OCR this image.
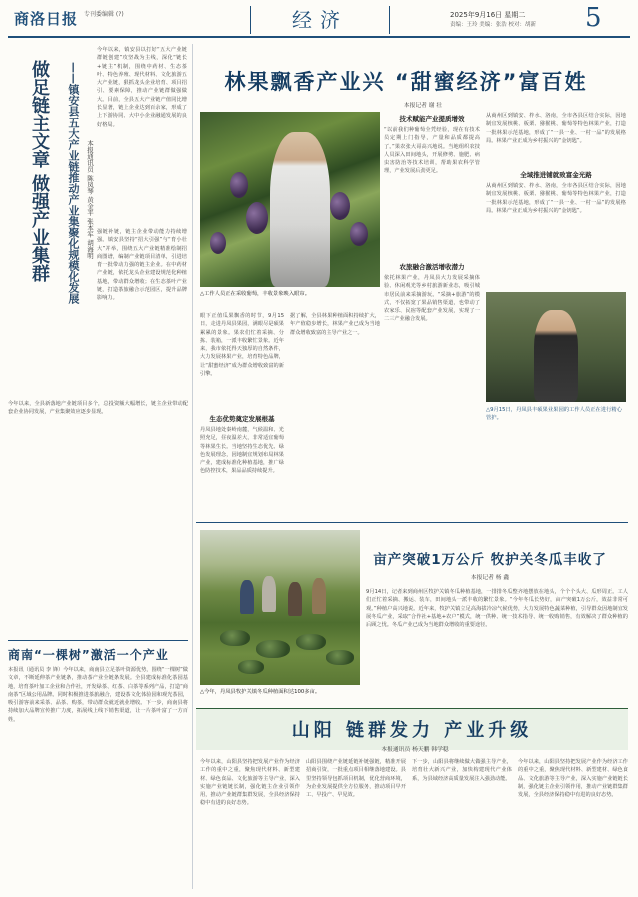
商洛日报 专刊委编辑 (?)	经济	2025年9月16日 星期二
责编：王玲 美编：张浩 校对：胡新 5
做足链主文章 做强产业集群	——镇安县五大产业链推动产业集聚化规模化发展 本报通讯员 陈凤琴 黄金平 张本军 胡海明
今年以来，镇安县以打好“五大产业链群链创建”攻坚战为主线，深化“链长+链主”机制，围绕中药材、生态茶叶、特色养殖、现代材料、文化旅游五大产业链，狠抓龙头企业培育、项目招引、要素保障，推动产业链群做强做大。目前，全县五大产业链产值同比增长显著，链上企业达到百余家，形成了上下游协同、大中小企业融通发展的良好格局。
强链补链，链主企业带动能力持续增强。镇安县坚持“招大引强”与“育小壮大”并举，围绕五大产业链精准绘制招商图谱，编制产业链项目清单，引进培育一批带动力强的链主企业。在中药材产业链，依托龙头企业建设规范化种植基地，带动群众增收；在生态茶叶产业链，打造茶旅融合示范园区，提升品牌影响力。
今年以来，全县新落地产业链项目多个，总投资额大幅增长，链主企业带动配套企业协同发展，产业集聚效应逐步显现。
商南“一棵树”激活一个产业
本报讯（通讯员 李 锋）今年以来，商南县立足茶叶资源优势，围绕“一棵树”做文章，不断延伸茶产业链条，推动茶产业全链条发展。全县建成标准化茶园基地，培育茶叶加工企业和合作社，开发绿茶、红茶、白茶等系列产品，打造“商南茶”区域公用品牌。同时积极推进茶旅融合，建设茶文化体验园和观光茶园，吸引游客前来采茶、品茶、购茶，带动群众就近就业增收。下一步，商南县将持续加大品牌宣传推广力度，拓展线上线下销售渠道，让一片茶叶富了一方百姓。
林果飘香产业兴 “甜蜜经济”富百姓
本报记者 谢 壮
△工作人员正在采收葡萄，丰收景象映入眼帘。
眼下正值瓜果飘香的时节，9月15日，走进丹凤县果园，满眼尽是硕果累累的景象。果农们忙着采摘、分拣、装箱，一派丰收繁忙景象。近年来，我市依托得天独厚的自然条件，大力发展林果产业，培育特色品牌，让“甜蜜经济”成为群众增收致富的新引擎。
生态优势奠定发展根基
丹凤县地处秦岭南麓，气候温和、光照充足，昼夜温差大，非常适宜葡萄等林果生长。当地坚持生态优先、绿色发展理念，因地制宜规划布局林果产业，建成标准化种植基地，推广绿色防控技术，果品品质持续提升。
技术赋能产业提质增效
“以前我们种葡萄全凭经验，现在有技术员定期上门指导，产量和品质都提高了。”果农张大哥高兴地说。当地组织农技人员深入田间地头，开展修剪、施肥、病虫害防治等技术培训，帮助果农科学管理，产业发展后劲更足。
农旅融合激活增收潜力
依托林果产业，丹凤县大力发展采摘体验、休闲观光等乡村旅游新业态，吸引城市居民前来采摘游玩。“采摘+旅游”的模式，不仅拓宽了果品销售渠道，也带动了农家乐、民宿等配套产业发展，实现了一二三产业融合发展。
据了解，全县林果种植面积持续扩大，年产值稳步增长，林果产业已成为当地群众增收致富的主导产业之一。
全域推进铺就致富金光路
从商州区到镇安、柞水、洛南，全市各县区结合实际，因地制宜发展核桃、板栗、猕猴桃、葡萄等特色林果产业，打造一批林果示范基地，形成了“一县一业、一村一品”的发展格局。林果产业正成为乡村振兴的“金钥匙”。
从商州区到镇安、柞水、洛南，全市各县区结合实际，因地制宜发展核桃、板栗、猕猴桃、葡萄等特色林果产业，打造一批林果示范基地，形成了“一县一业、一村一品”的发展格局。林果产业正成为乡村振兴的“金钥匙”。
△9月15日，丹凤县丰硕果业果园的工作人员正在进行精心管护。
亩产突破1万公斤 牧护关冬瓜丰收了
本报记者 杨 鑫
△今年，丹凤县牧护关镇冬瓜种植面积达100多亩。
9月14日，记者来到商州区牧护关镇冬瓜种植基地，一排排冬瓜整齐地摆放在地头，个个个头大、瓜形周正。工人们正忙着采摘、搬运、装车，田间地头一派丰收的繁忙景象。“今年冬瓜长势好，亩产突破1万公斤，效益非常可观。”种植户高兴地说。近年来，牧护关镇立足高海拔冷凉气候优势，大力发展特色蔬菜种植，引导群众因地制宜发展冬瓜产业，采取“合作社+基地+农户”模式，统一供种、统一技术指导、统一收购销售，有效解决了群众种植的后顾之忧。冬瓜产业已成为当地群众增收的重要途径。
山阳 链群发力 产业升级
本报通讯员 杨天鹏 韩学稳
今年以来，山阳县坚持把发展产业作为经济工作的重中之重，聚焦现代材料、新型建材、绿色食品、文化旅游等主导产业，深入实施产业链链长制，强化链主企业引领作用，推动产业链群集群发展，全县经济保持稳中有进的良好态势。
山阳县围绕产业链延链补链强链，精准开展招商引资，一批重点项目相继落地建设。县里坚持领导包抓项目机制，优化营商环境，为企业发展提供全方位服务，推动项目早开工、早投产、早见效。
下一步，山阳县将继续做大做强主导产业，培育壮大新兴产业，加快构建现代产业体系，为县域经济高质量发展注入强劲动能。
今年以来，山阳县坚持把发展产业作为经济工作的重中之重，聚焦现代材料、新型建材、绿色食品、文化旅游等主导产业，深入实施产业链链长制，强化链主企业引领作用，推动产业链群集群发展，全县经济保持稳中有进的良好态势。
